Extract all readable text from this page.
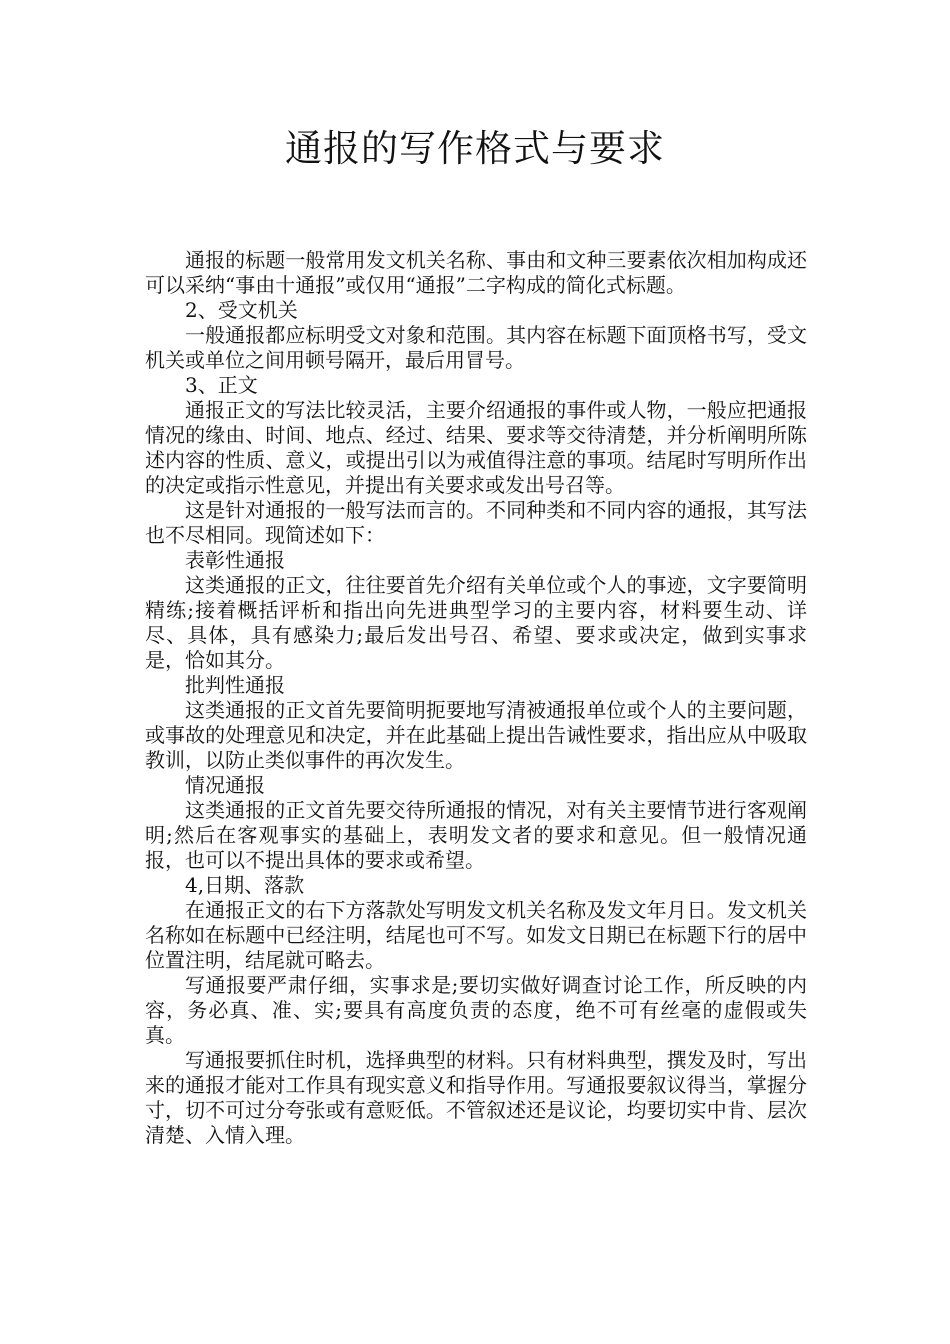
通报的写作格式与要求

通报的标题一般常用发文机关名称、事由和文种三要素依次相加构成还可以采纳“事由十通报”或仅用“通报”二字构成的简化式标题。

2、受文机关

一般通报都应标明受文对象和范围。其内容在标题下面顶格书写，受文机关或单位之间用顿号隔开，最后用冒号。

3、正文

通报正文的写法比较灵活，主要介绍通报的事件或人物，一般应把通报情况的缘由、时间、地点、经过、结果、要求等交待清楚，并分析阐明所陈述内容的性质、意义，或提出引以为戒值得注意的事项。结尾时写明所作出的决定或指示性意见，并提出有关要求或发出号召等。

这是针对通报的一般写法而言的。不同种类和不同内容的通报，其写法也不尽相同。现简述如下：

表彰性通报

这类通报的正文，往往要首先介绍有关单位或个人的事迹，文字要简明精练;接着概括评析和指出向先进典型学习的主要内容，材料要生动、详尽、具体，具有感染力;最后发出号召、希望、要求或决定，做到实事求是，恰如其分。

批判性通报

这类通报的正文首先要简明扼要地写清被通报单位或个人的主要问题，或事故的处理意见和决定，并在此基础上提出告诫性要求，指出应从中吸取教训，以防止类似事件的再次发生。

情况通报

这类通报的正文首先要交待所通报的情况，对有关主要情节进行客观阐明;然后在客观事实的基础上，表明发文者的要求和意见。但一般情况通报，也可以不提出具体的要求或希望。

4,日期、落款

在通报正文的右下方落款处写明发文机关名称及发文年月日。发文机关名称如在标题中已经注明，结尾也可不写。如发文日期已在标题下行的居中位置注明，结尾就可略去。

写通报要严肃仔细，实事求是;要切实做好调查讨论工作，所反映的内容，务必真、准、实;要具有高度负责的态度，绝不可有丝毫的虚假或失真。

写通报要抓住时机，选择典型的材料。只有材料典型，撰发及时，写出来的通报才能对工作具有现实意义和指导作用。写通报要叙议得当，掌握分寸，切不可过分夸张或有意贬低。不管叙述还是议论，均要切实中肯、层次清楚、入情入理。
